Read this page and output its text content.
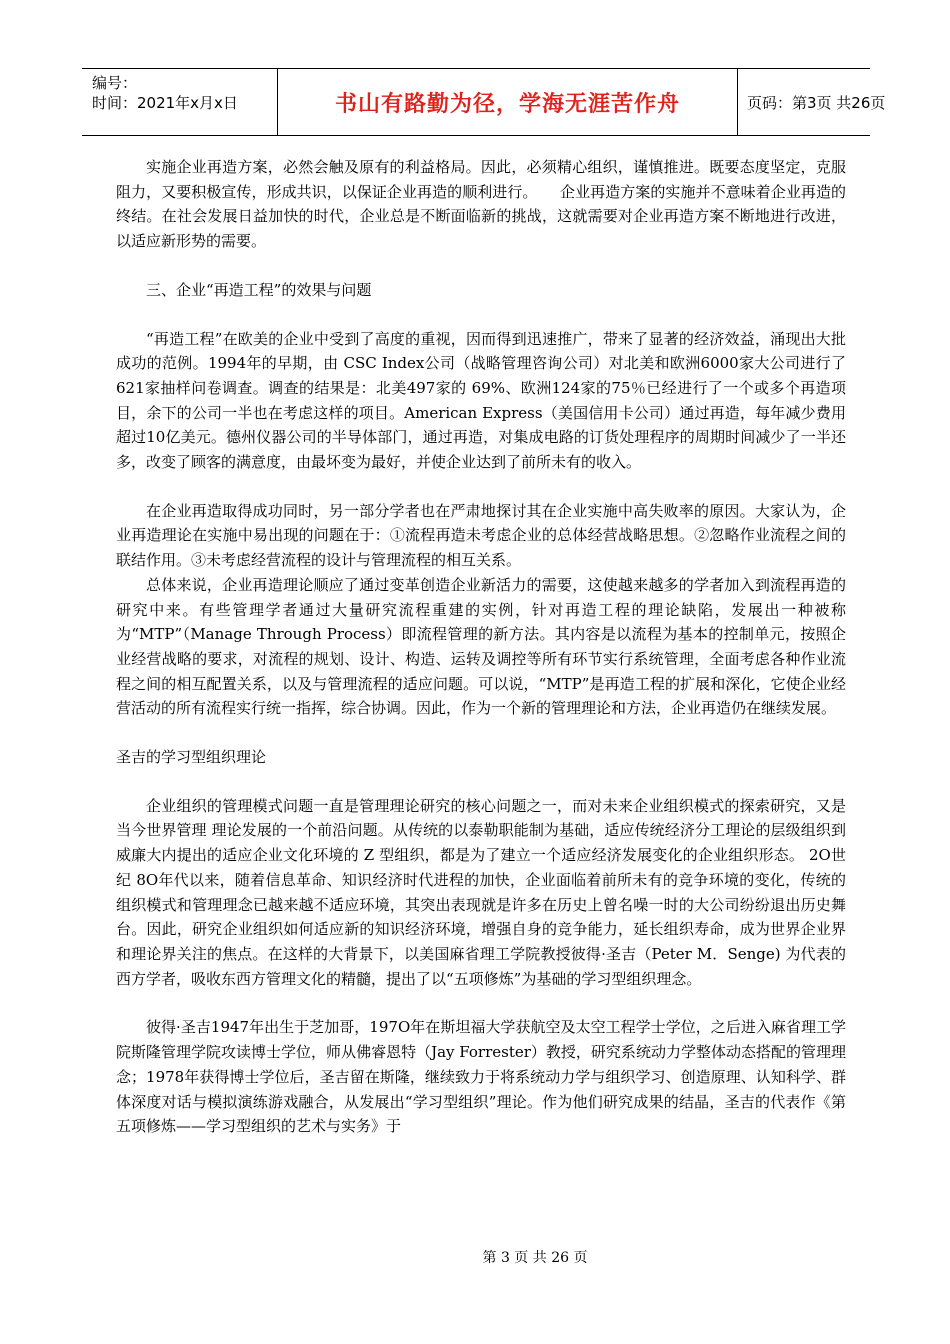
编号：
时间：2021年x月x日	书山有路勤为径，学海无涯苦作舟	页码：第3页 共26页

实施企业再造方案，必然会触及原有的利益格局。因此，必须精心组织，谨慎推进。既要态度坚定，克服阻力，又要积极宣传，形成共识，以保证企业再造的顺利进行。　　企业再造方案的实施并不意味着企业再造的终结。在社会发展日益加快的时代，企业总是不断面临新的挑战，这就需要对企业再造方案不断地进行改进，以适应新形势的需要。

三、企业“再造工程”的效果与问题

“再造工程”在欧美的企业中受到了高度的重视，因而得到迅速推广，带来了显著的经济效益，涌现出大批成功的范例。1994年的早期，由 CSC Index公司（战略管理咨询公司）对北美和欧洲6000家大公司进行了621家抽样问卷调查。调查的结果是：北美497家的 69%、欧洲124家的75％已经进行了一个或多个再造项目，余下的公司一半也在考虑这样的项目。American Express（美国信用卡公司）通过再造，每年减少费用超过10亿美元。德州仪器公司的半导体部门，通过再造，对集成电路的订货处理程序的周期时间减少了一半还多，改变了顾客的满意度，由最坏变为最好，并使企业达到了前所未有的收入。

在企业再造取得成功同时，另一部分学者也在严肃地探讨其在企业实施中高失败率的原因。大家认为，企业再造理论在实施中易出现的问题在于：①流程再造未考虑企业的总体经营战略思想。②忽略作业流程之间的联结作用。③未考虑经营流程的设计与管理流程的相互关系。

总体来说，企业再造理论顺应了通过变革创造企业新活力的需要，这使越来越多的学者加入到流程再造的研究中来。有些管理学者通过大量研究流程重建的实例，针对再造工程的理论缺陷，发展出一种被称为“MTP”（Manage Through Process）即流程管理的新方法。其内容是以流程为基本的控制单元，按照企业经营战略的要求，对流程的规划、设计、构造、运转及调控等所有环节实行系统管理，全面考虑各种作业流程之间的相互配置关系，以及与管理流程的适应问题。可以说，“MTP”是再造工程的扩展和深化，它使企业经营活动的所有流程实行统一指挥，综合协调。因此，作为一个新的管理理论和方法，企业再造仍在继续发展。

圣吉的学习型组织理论

企业组织的管理模式问题一直是管理理论研究的核心问题之一，而对未来企业组织模式的探索研究，又是当今世界管理 理论发展的一个前沿问题。从传统的以泰勒职能制为基础，适应传统经济分工理论的层级组织到威廉大内提出的适应企业文化环境的 Z 型组织，都是为了建立一个适应经济发展变化的企业组织形态。 2O世纪 8O年代以来，随着信息革命、知识经济时代进程的加快，企业面临着前所未有的竞争环境的变化，传统的组织模式和管理理念已越来越不适应环境，其突出表现就是许多在历史上曾名噪一时的大公司纷纷退出历史舞台。因此，研究企业组织如何适应新的知识经济环境，增强自身的竞争能力，延长组织寿命，成为世界企业界和理论界关注的焦点。在这样的大背景下，以美国麻省理工学院教授彼得·圣吉（Peter M．Senge) 为代表的西方学者，吸收东西方管理文化的精髓，提出了以“五项修炼”为基础的学习型组织理念。

彼得·圣吉1947年出生于芝加哥，197O年在斯坦福大学获航空及太空工程学士学位，之后进入麻省理工学院斯隆管理学院攻读博士学位，师从佛睿恩特（Jay Forrester）教授，研究系统动力学整体动态搭配的管理理念；1978年获得博士学位后，圣吉留在斯隆，继续致力于将系统动力学与组织学习、创造原理、认知科学、群体深度对话与模拟演练游戏融合，从发展出“学习型组织”理论。作为他们研究成果的结晶，圣吉的代表作《第五项修炼——学习型组织的艺术与实务》于

第 3 页 共 26 页
